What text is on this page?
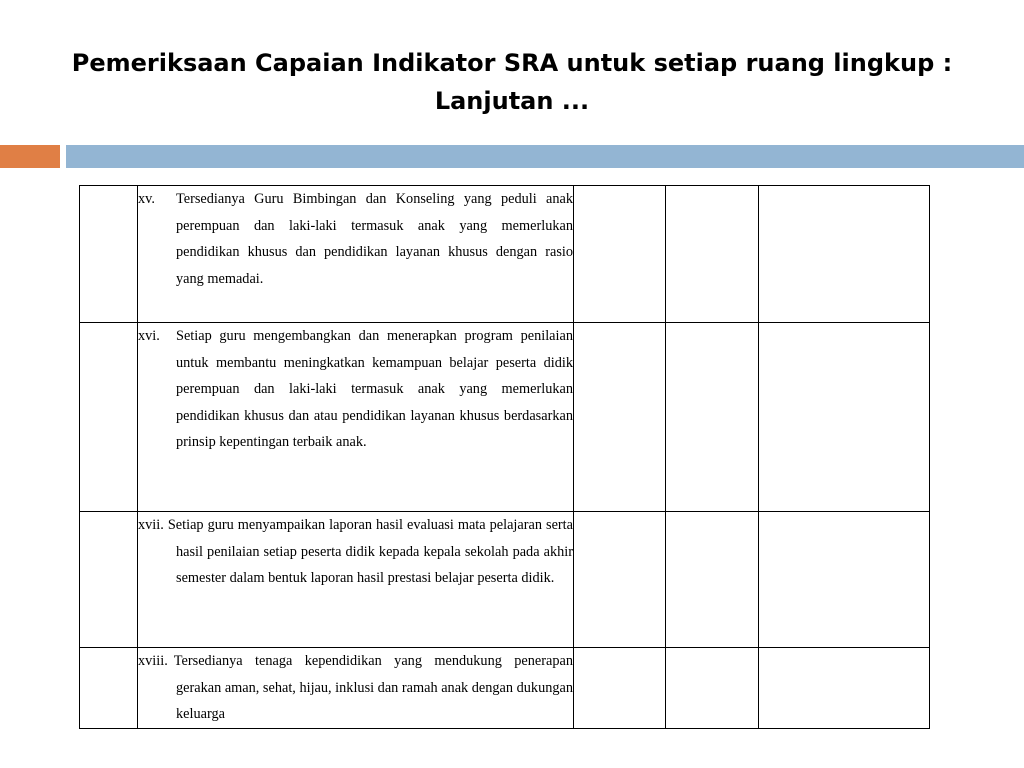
Pemeriksaan Capaian Indikator SRA untuk setiap ruang lingkup :
Lanjutan ...

	xv. Tersedianya Guru Bimbingan dan Konseling yang peduli anak perempuan dan laki-laki termasuk anak yang memerlukan pendidikan khusus dan pendidikan layanan khusus dengan rasio yang memadai.			

	xvi. Setiap guru mengembangkan dan menerapkan program penilaian untuk membantu meningkatkan kemampuan belajar peserta didik perempuan dan laki-laki termasuk anak yang memerlukan pendidikan khusus dan atau pendidikan layanan khusus berdasarkan prinsip kepentingan terbaik anak.			

	xvii. Setiap guru menyampaikan laporan hasil evaluasi mata pelajaran serta hasil penilaian setiap peserta didik kepada kepala sekolah pada akhir semester dalam bentuk laporan hasil prestasi belajar peserta didik.			

	xviii. Tersedianya tenaga kependidikan yang mendukung penerapan gerakan aman, sehat, hijau, inklusi dan ramah anak dengan dukungan keluarga			
